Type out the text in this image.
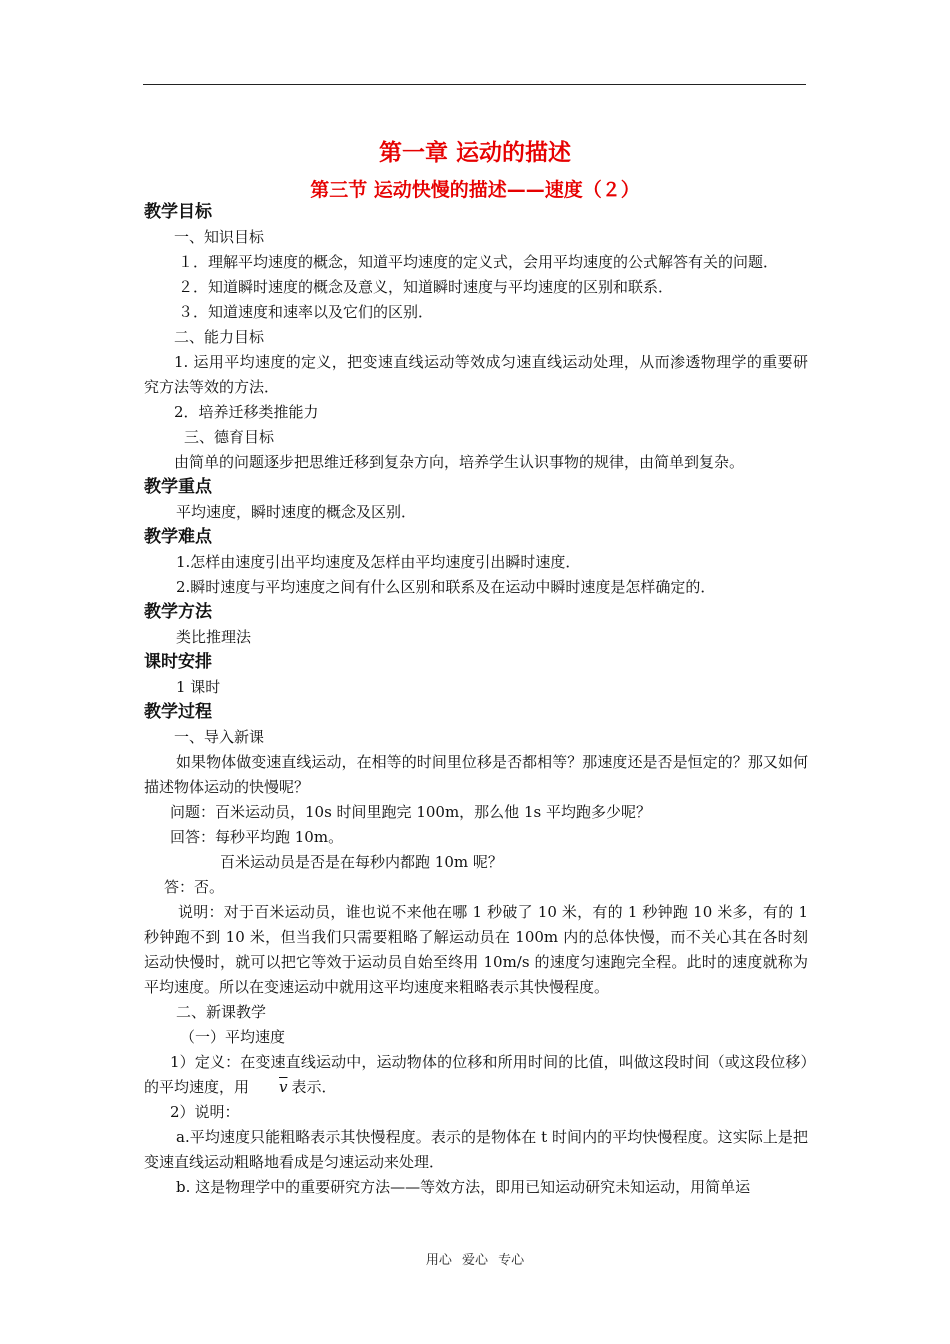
第一章 运动的描述
第三节 运动快慢的描述——速度（２）
教学目标
一、知识目标
１．理解平均速度的概念，知道平均速度的定义式，会用平均速度的公式解答有关的问题．
２．知道瞬时速度的概念及意义，知道瞬时速度与平均速度的区别和联系．
３．知道速度和速率以及它们的区别．
二、能力目标
1. 运用平均速度的定义，把变速直线运动等效成匀速直线运动处理，从而渗透物理学的重要研究方法等效的方法．
2．培养迁移类推能力
三、德育目标
由简单的问题逐步把思维迁移到复杂方向，培养学生认识事物的规律，由简单到复杂。
教学重点
平均速度，瞬时速度的概念及区别．
教学难点
1.怎样由速度引出平均速度及怎样由平均速度引出瞬时速度．
2.瞬时速度与平均速度之间有什么区别和联系及在运动中瞬时速度是怎样确定的．
教学方法
类比推理法
课时安排
1 课时
教学过程
一、导入新课
如果物体做变速直线运动，在相等的时间里位移是否都相等？那速度还是否是恒定的？那又如何描述物体运动的快慢呢？
问题：百米运动员，10s 时间里跑完 100m，那么他 1s 平均跑多少呢？
回答：每秒平均跑 10m。
百米运动员是否是在每秒内都跑 10m 呢？
答：否。
说明：对于百米运动员，谁也说不来他在哪 1 秒破了 10 米，有的 1 秒钟跑 10 米多，有的 1 秒钟跑不到 10 米，但当我们只需要粗略了解运动员在 100m 内的总体快慢，而不关心其在各时刻运动快慢时，就可以把它等效于运动员自始至终用 10m/s 的速度匀速跑完全程。此时的速度就称为平均速度。所以在变速运动中就用这平均速度来粗略表示其快慢程度。
二、新课教学
（一）平均速度
1）定义：在变速直线运动中，运动物体的位移和所用时间的比值，叫做这段时间（或这段位移）的平均速度，用 $\overline{v}$ 表示．
2）说明：
a.平均速度只能粗略表示其快慢程度。表示的是物体在 t 时间内的平均快慢程度。这实际上是把变速直线运动粗略地看成是匀速运动来处理．
b. 这是物理学中的重要研究方法——等效方法，即用已知运动研究未知运动，用简单运
用心 爱心 专心
